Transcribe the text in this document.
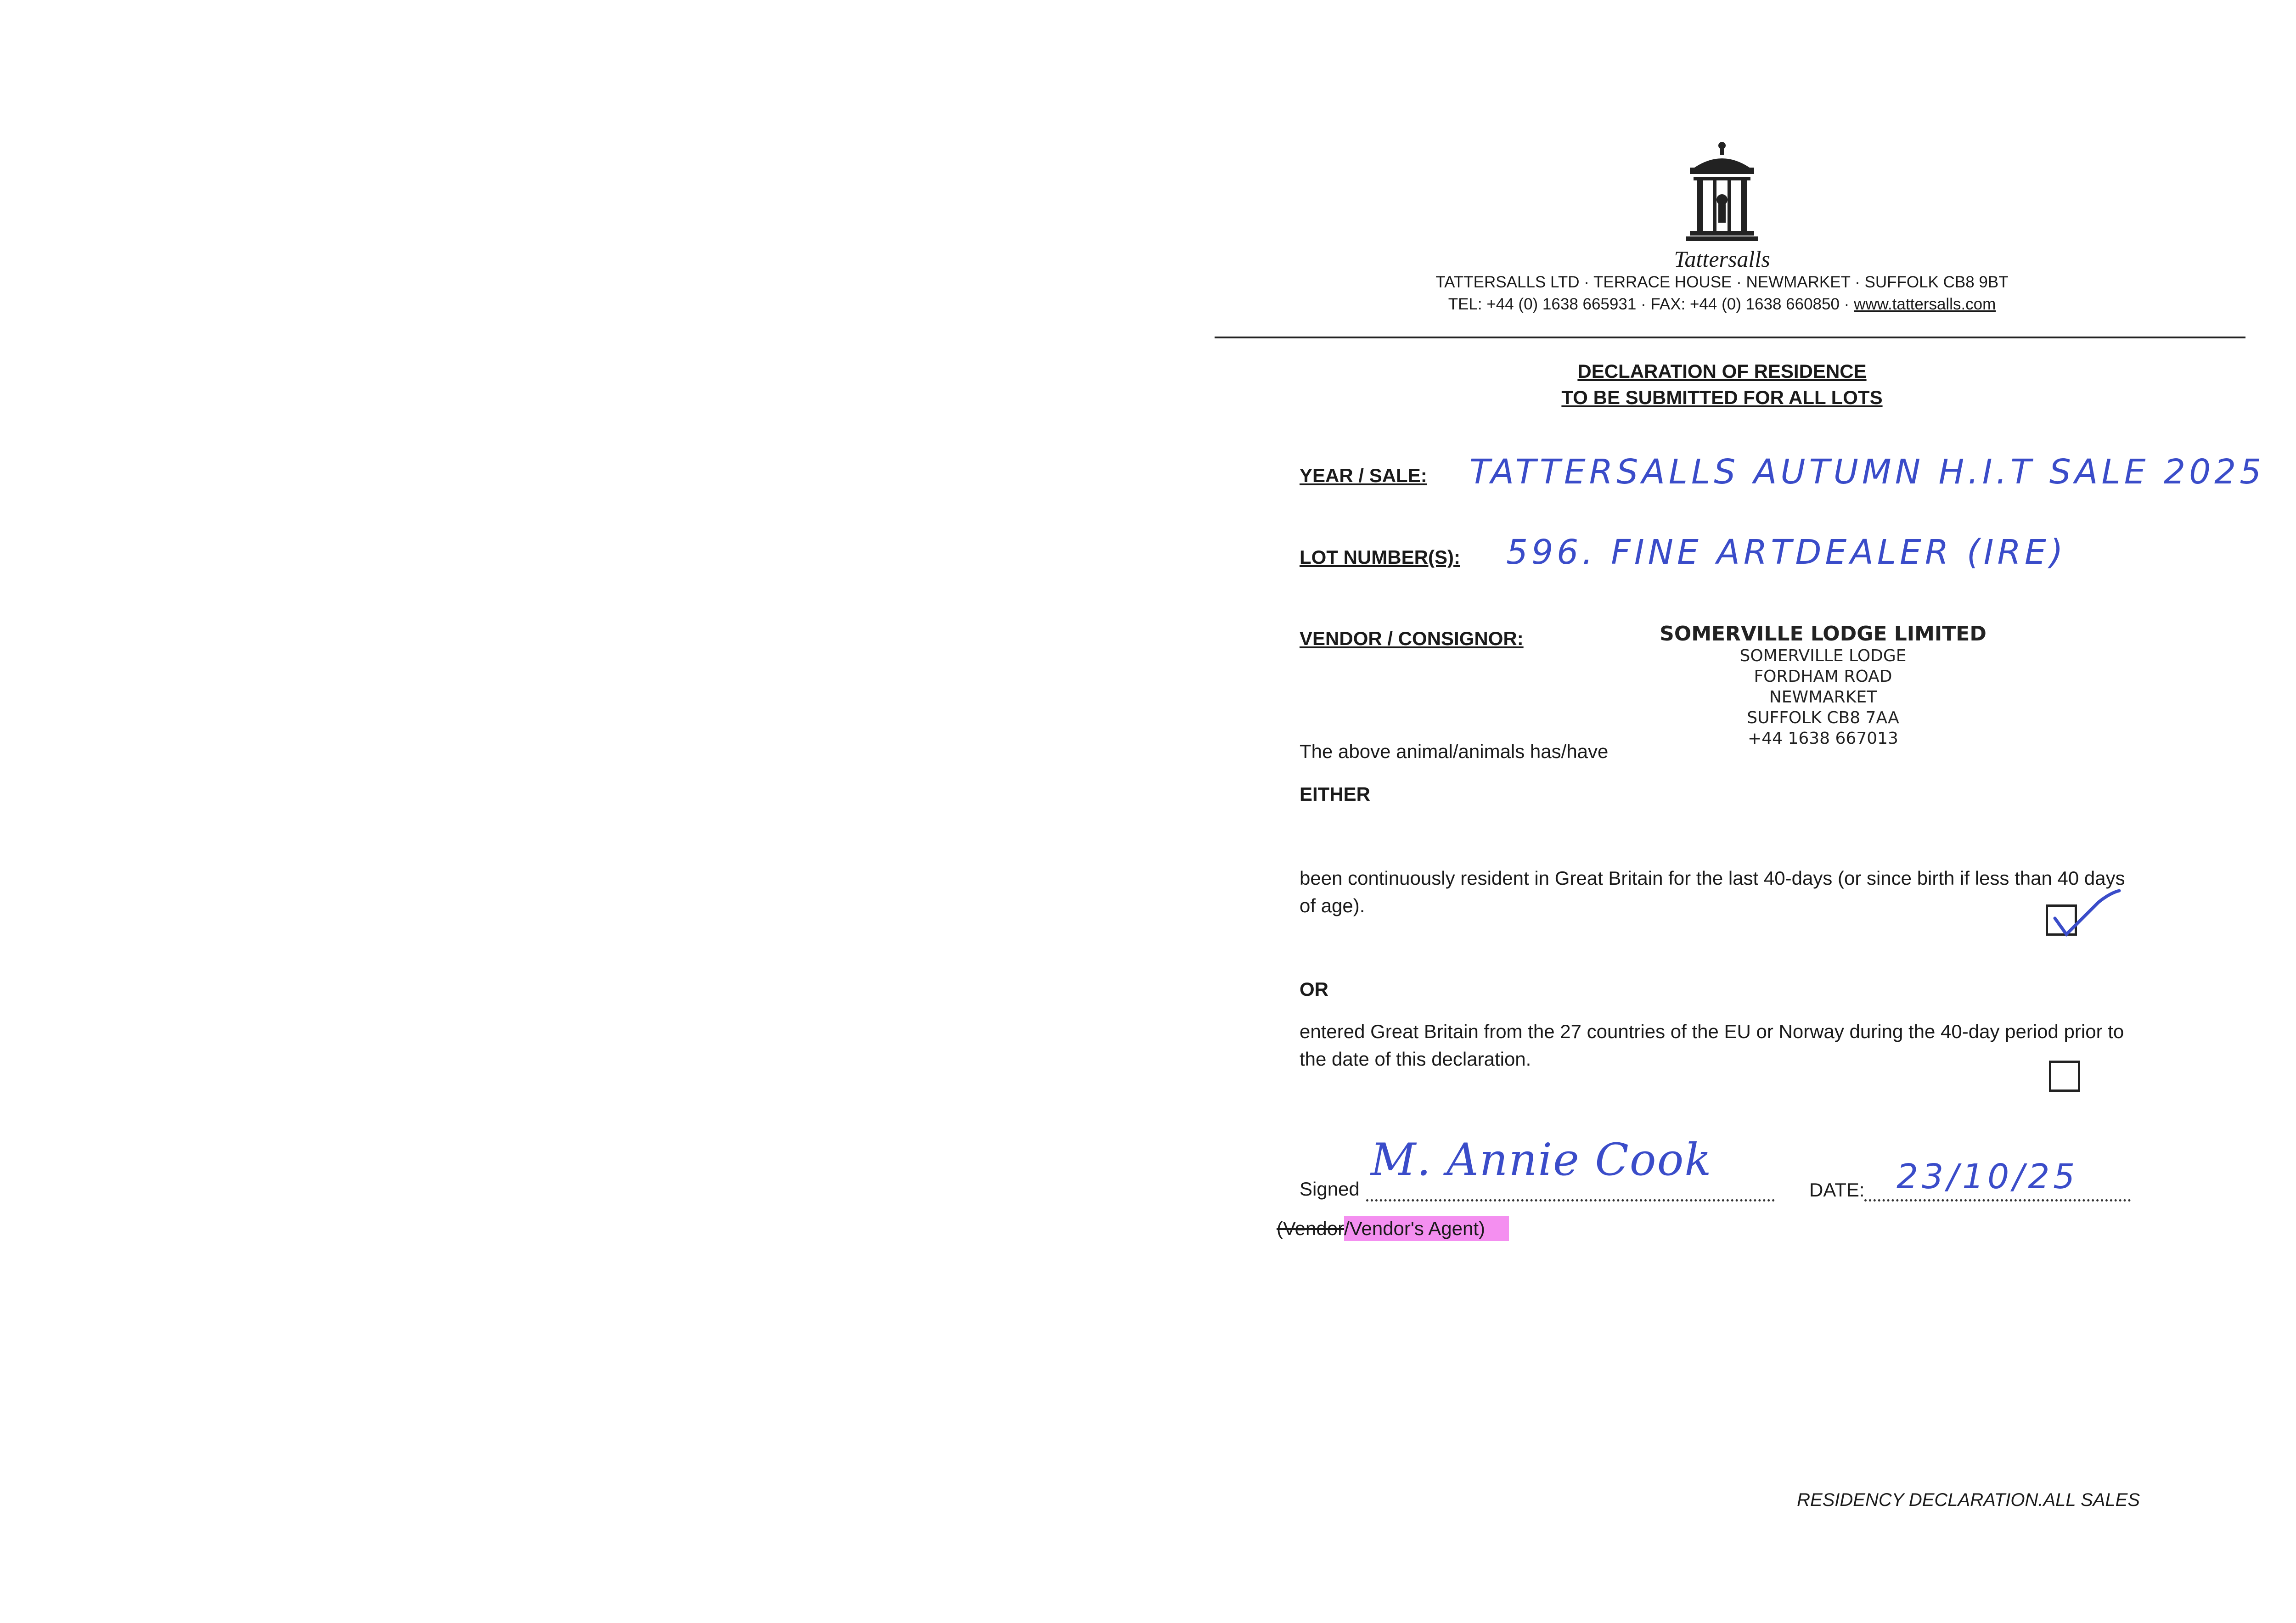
Tattersalls
TATTERSALLS LTD · TERRACE HOUSE · NEWMARKET · SUFFOLK CB8 9BT
TEL: +44 (0) 1638 665931 · FAX: +44 (0) 1638 660850 · www.tattersalls.com
DECLARATION OF RESIDENCE
TO BE SUBMITTED FOR ALL LOTS
YEAR / SALE: TATTERSALLS AUTUMN H.I.T SALE 2025
LOT NUMBER(S): 596. FINE ARTDEALER (IRE)
VENDOR / CONSIGNOR:	SOMERVILLE LODGE LIMITED
SOMERVILLE LODGE
FORDHAM ROAD
NEWMARKET
SUFFOLK CB8 7AA
+44 1638 667013
The above animal/animals has/have
EITHER
been continuously resident in Great Britain for the last 40-days (or since birth if less than 40 days of age).
OR
entered Great Britain from the 27 countries of the EU or Norway during the 40-day period prior to the date of this declaration.
Signed
M. Annie Cook
DATE: 23/10/25
(Vendor/Vendor's Agent)
RESIDENCY DECLARATION.ALL SALES
